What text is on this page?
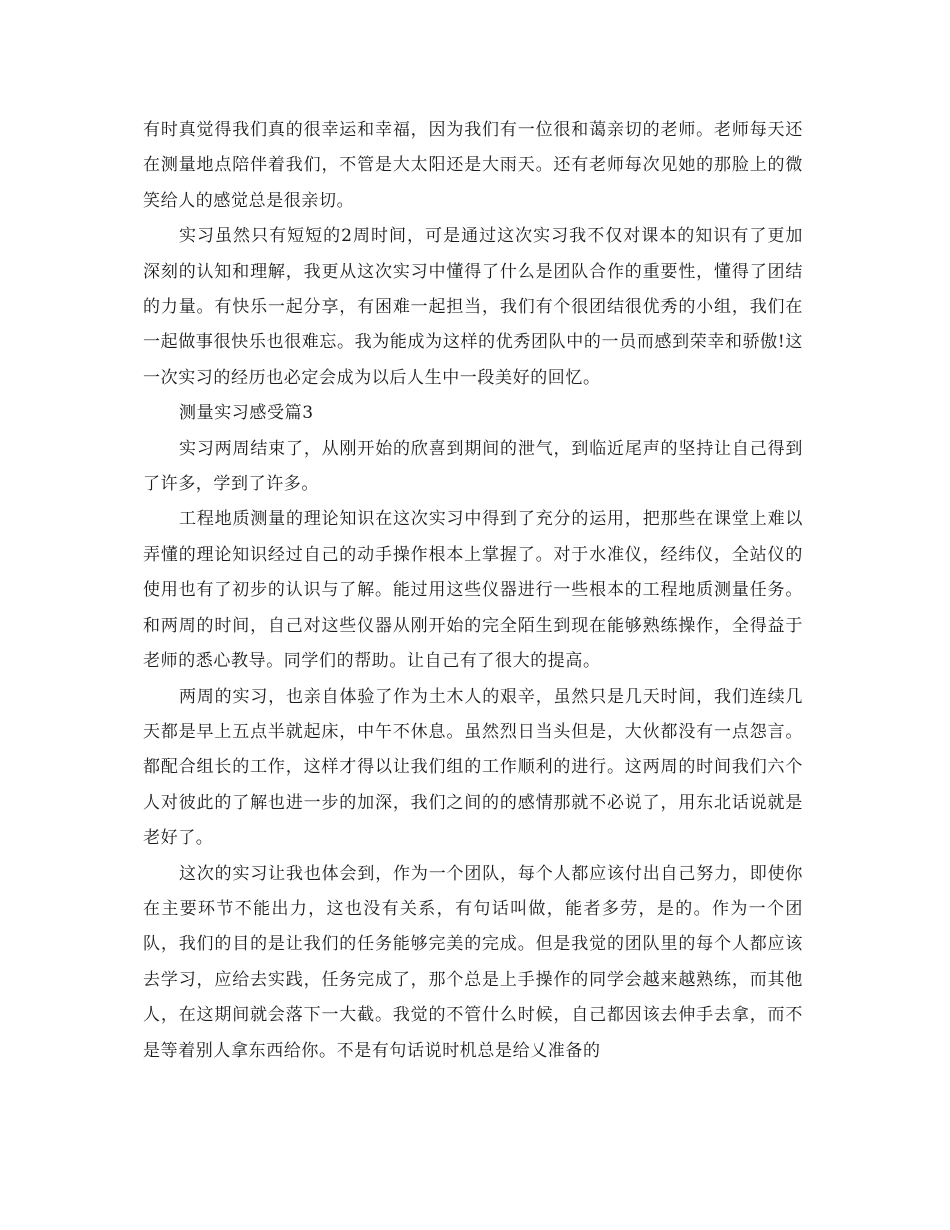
有时真觉得我们真的很幸运和幸福，因为我们有一位很和蔼亲切的老师。老师每天还在测量地点陪伴着我们，不管是大太阳还是大雨天。还有老师每次见她的那脸上的微笑给人的感觉总是很亲切。

实习虽然只有短短的2周时间，可是通过这次实习我不仅对课本的知识有了更加深刻的认知和理解，我更从这次实习中懂得了什么是团队合作的重要性，懂得了团结的力量。有快乐一起分享，有困难一起担当，我们有个很团结很优秀的小组，我们在一起做事很快乐也很难忘。我为能成为这样的优秀团队中的一员而感到荣幸和骄傲!这一次实习的经历也必定会成为以后人生中一段美好的回忆。

测量实习感受篇3

实习两周结束了，从刚开始的欣喜到期间的泄气，到临近尾声的坚持让自己得到了许多，学到了许多。

工程地质测量的理论知识在这次实习中得到了充分的运用，把那些在课堂上难以弄懂的理论知识经过自己的动手操作根本上掌握了。对于水准仪，经纬仪，全站仪的使用也有了初步的认识与了解。能过用这些仪器进行一些根本的工程地质测量任务。和两周的时间，自己对这些仪器从刚开始的完全陌生到现在能够熟练操作，全得益于老师的悉心教导。同学们的帮助。让自己有了很大的提高。

两周的实习，也亲自体验了作为土木人的艰辛，虽然只是几天时间，我们连续几天都是早上五点半就起床，中午不休息。虽然烈日当头但是，大伙都没有一点怨言。都配合组长的工作，这样才得以让我们组的工作顺利的进行。这两周的时间我们六个人对彼此的了解也进一步的加深，我们之间的的感情那就不必说了，用东北话说就是老好了。

这次的实习让我也体会到，作为一个团队，每个人都应该付出自己努力，即使你在主要环节不能出力，这也没有关系，有句话叫做，能者多劳，是的。作为一个团队，我们的目的是让我们的任务能够完美的完成。但是我觉的团队里的每个人都应该去学习，应给去实践，任务完成了，那个总是上手操作的同学会越来越熟练，而其他人，在这期间就会落下一大截。我觉的不管什么时候，自己都因该去伸手去拿，而不是等着别人拿东西给你。不是有句话说时机总是给乂准备的
